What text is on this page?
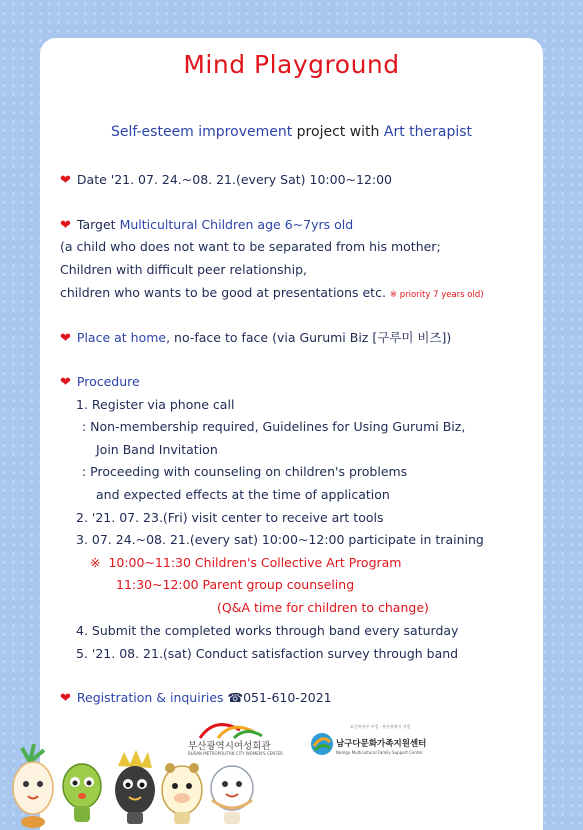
Mind Playground
Self-esteem improvement project with Art therapist
❤ Date '21. 07. 24.~08. 21.(every Sat) 10:00~12:00
❤ Target Multicultural Children age 6~7yrs old
(a child who does not want to be separated from his mother;
Children with difficult peer relationship,
children who wants to be good at presentations etc. ※ priority 7 years old)
❤ Place at home, no-face to face (via Gurumi Biz [구루미 비즈])
❤ Procedure
1. Register via phone call
: Non-membership required, Guidelines for Using Gurumi Biz,
Join Band Invitation
: Proceeding with counseling on children's problems
and expected effects at the time of application
2. '21. 07. 23.(Fri) visit center to receive art tools
3. 07. 24.~08. 21.(every sat) 10:00~12:00 participate in training
※ 10:00~11:30 Children's Collective Art Program
11:30~12:00 Parent group counseling
(Q&A time for children to change)
4. Submit the completed works through band every saturday
5. '21. 08. 21.(sat) Conduct satisfaction survey through band
❤ Registration & inquiries ☎051-610-2021
부산광역시여성회관
BUSAN METROPOLITAN CITY WOMEN'S CENTER
보건복지부 지정 · 부산광역시 지원
남구다문화가족지원센터
Namgu Multicultural Family Support Center
